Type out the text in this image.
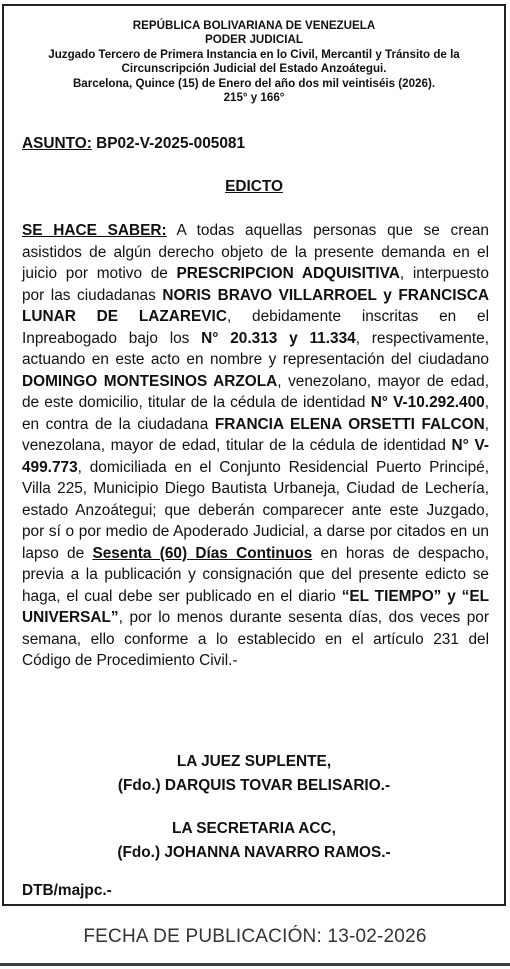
REPÚBLICA BOLIVARIANA DE VENEZUELA
PODER JUDICIAL
Juzgado Tercero de Primera Instancia en lo Civil, Mercantil y Tránsito de la
Circunscripción Judicial del Estado Anzoátegui.
Barcelona, Quince (15) de Enero del año dos mil veintiséis (2026).
215° y 166°
ASUNTO: BP02-V-2025-005081
EDICTO
SE HACE SABER: A todas aquellas personas que se crean asistidos de algún derecho objeto de la presente demanda en el juicio por motivo de PRESCRIPCION ADQUISITIVA, interpuesto por las ciudadanas NORIS BRAVO VILLARROEL y FRANCISCA LUNAR DE LAZAREVIC, debidamente inscritas en el Inpreabogado bajo los N° 20.313 y 11.334, respectivamente, actuando en este acto en nombre y representación del ciudadano DOMINGO MONTESINOS ARZOLA, venezolano, mayor de edad, de este domicilio, titular de la cédula de identidad N° V-10.292.400, en contra de la ciudadana FRANCIA ELENA ORSETTI FALCON, venezolana, mayor de edad, titular de la cédula de identidad N° V- 499.773, domiciliada en el Conjunto Residencial Puerto Principé, Villa 225, Municipio Diego Bautista Urbaneja, Ciudad de Lechería, estado Anzoátegui; que deberán comparecer ante este Juzgado, por sí o por medio de Apoderado Judicial, a darse por citados en un lapso de Sesenta (60) Días Continuos en horas de despacho, previa a la publicación y consignación que del presente edicto se haga, el cual debe ser publicado en el diario “EL TIEMPO” y “EL UNIVERSAL”, por lo menos durante sesenta días, dos veces por semana, ello conforme a lo establecido en el artículo 231 del Código de Procedimiento Civil.-
LA JUEZ SUPLENTE,
(Fdo.) DARQUIS TOVAR BELISARIO.-
LA SECRETARIA ACC,
(Fdo.) JOHANNA NAVARRO RAMOS.-
DTB/majpc.-
FECHA DE PUBLICACIÓN: 13-02-2026
